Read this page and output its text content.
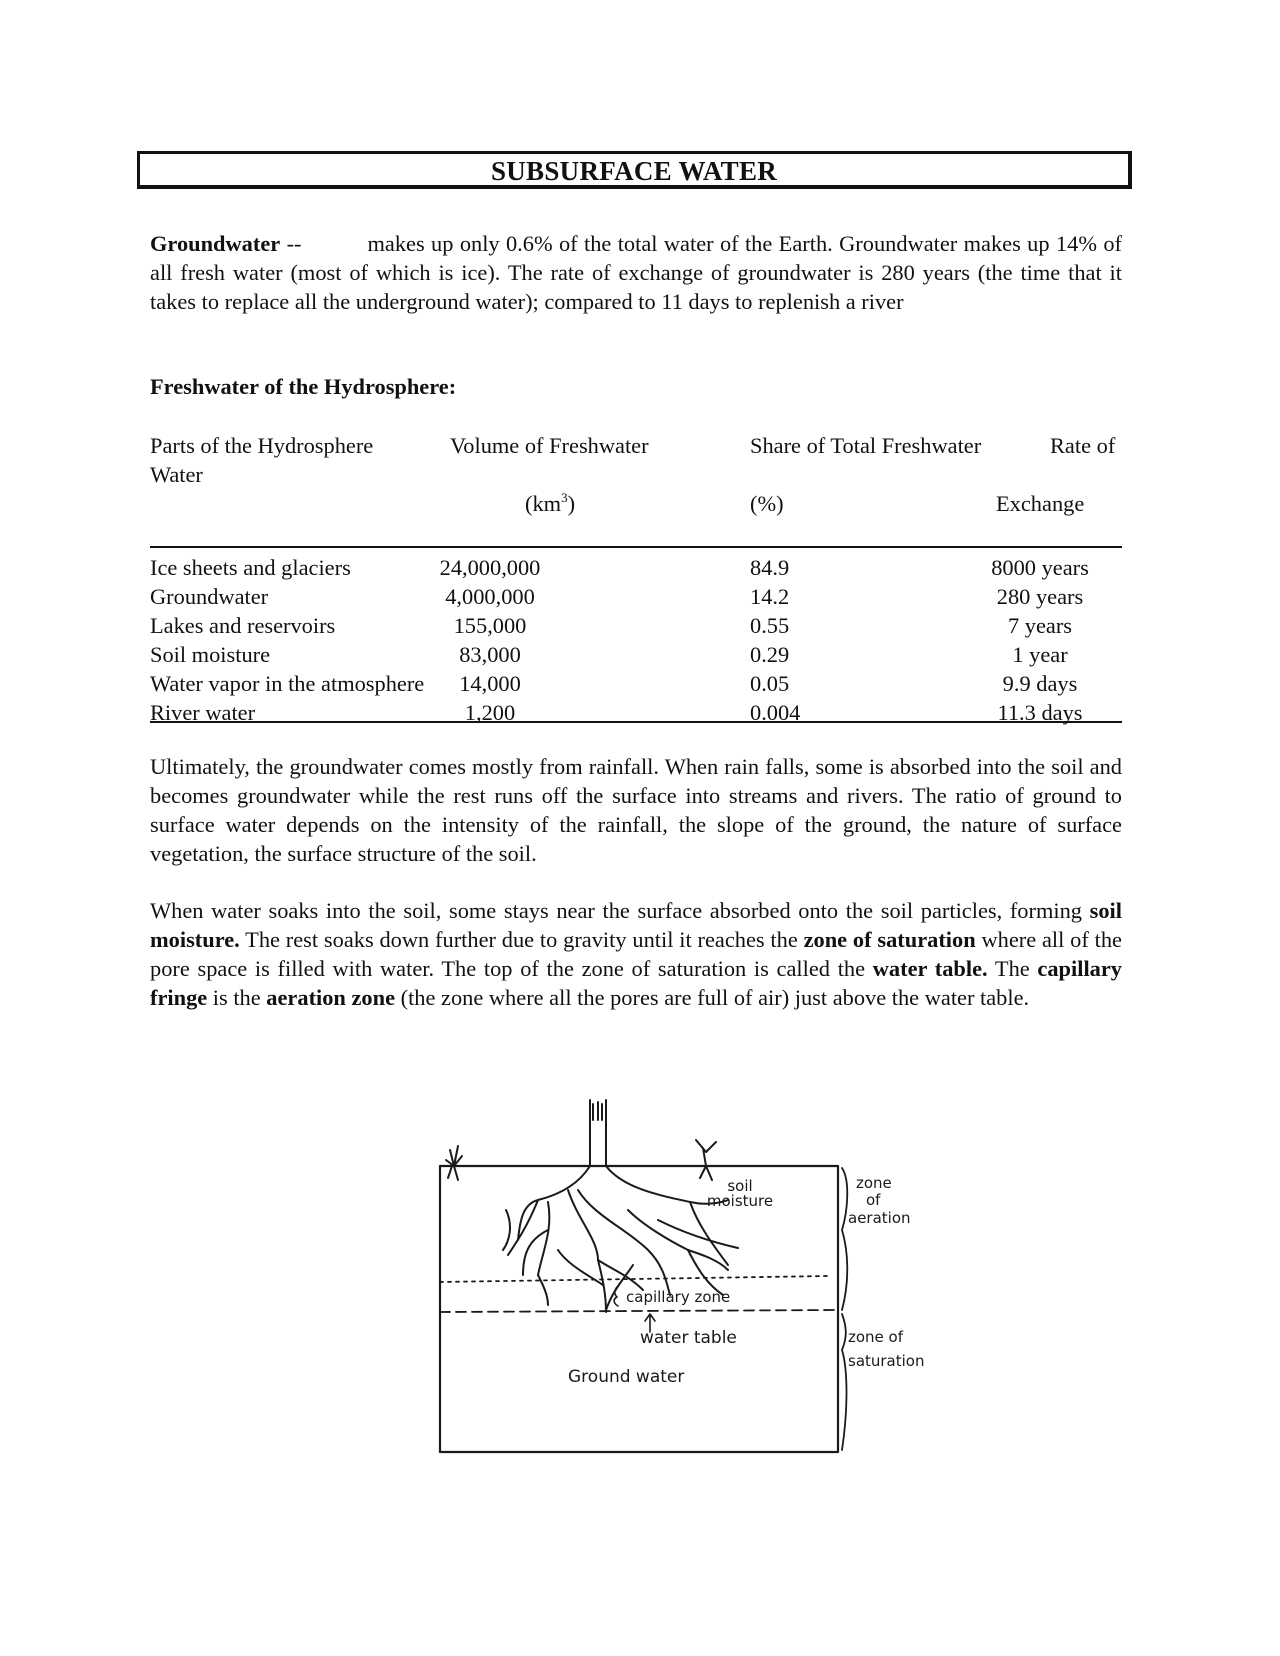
SUBSURFACE WATER

Groundwater --	makes up only 0.6% of the total water of the Earth. Groundwater makes up 14% of all fresh water (most of which is ice). The rate of exchange of groundwater is 280 years (the time that it takes to replace all the underground water); compared to 11 days to replenish a river

Freshwater of the Hydrosphere:
Parts of the Hydrosphere	Volume of Freshwater	Share of Total Freshwater	Rate of
Water
$(km^3)$	(%)	Exchange
Ice sheets and glaciers	24,000,000	84.9	8000 years
Groundwater	4,000,000	14.2	280 years
Lakes and reservoirs	155,000	0.55	7 years
Soil moisture	83,000	0.29	1 year
Water vapor in the atmosphere 14,000	0.05	9.9 days
River water	1,200	0.004	11.3 days

Ultimately, the groundwater comes mostly from rainfall. When rain falls, some is absorbed into the soil and becomes groundwater while the rest runs off the surface into streams and rivers. The ratio of ground to surface water depends on the intensity of the rainfall, the slope of the ground, the nature of surface vegetation, the surface structure of the soil.

When water soaks into the soil, some stays near the surface absorbed onto the soil particles, forming soil moisture. The rest soaks down further due to gravity until it reaches the zone of saturation where all of the pore space is filled with water. The top of the zone of saturation is called the water table. The capillary fringe is the aeration zone (the zone where all the pores are full of air) just above the water table.

soil
moisture
zone
of
aeration
capillary zone
water table	zone of
saturation
Ground water
